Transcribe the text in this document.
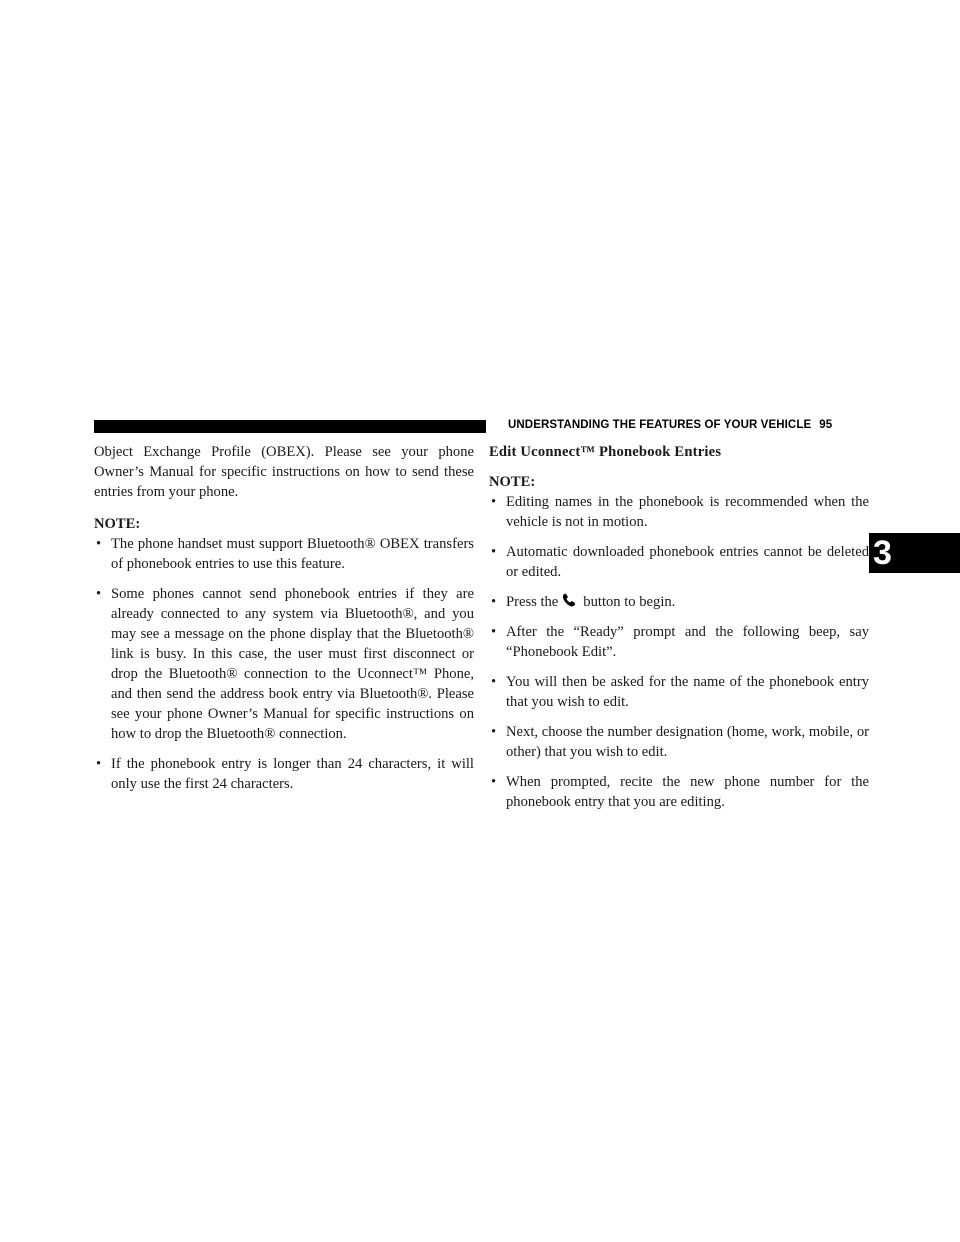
UNDERSTANDING THE FEATURES OF YOUR VEHICLE 95
3

Object Exchange Profile (OBEX). Please see your phone Owner’s Manual for specific instructions on how to send these entries from your phone.

NOTE:
• The phone handset must support Bluetooth® OBEX transfers of phonebook entries to use this feature.
• Some phones cannot send phonebook entries if they are already connected to any system via Bluetooth®, and you may see a message on the phone display that the Bluetooth® link is busy. In this case, the user must first disconnect or drop the Bluetooth® connection to the Uconnect™ Phone, and then send the address book entry via Bluetooth®. Please see your phone Owner’s Manual for specific instructions on how to drop the Bluetooth® connection.
• If the phonebook entry is longer than 24 characters, it will only use the first 24 characters.
Edit Uconnect™ Phonebook Entries
NOTE:
• Editing names in the phonebook is recommended when the vehicle is not in motion.
• Automatic downloaded phonebook entries cannot be deleted or edited.
• Press the button to begin.
• After the “Ready” prompt and the following beep, say “Phonebook Edit”.
• You will then be asked for the name of the phonebook entry that you wish to edit.
• Next, choose the number designation (home, work, mobile, or other) that you wish to edit.
• When prompted, recite the new phone number for the phonebook entry that you are editing.
